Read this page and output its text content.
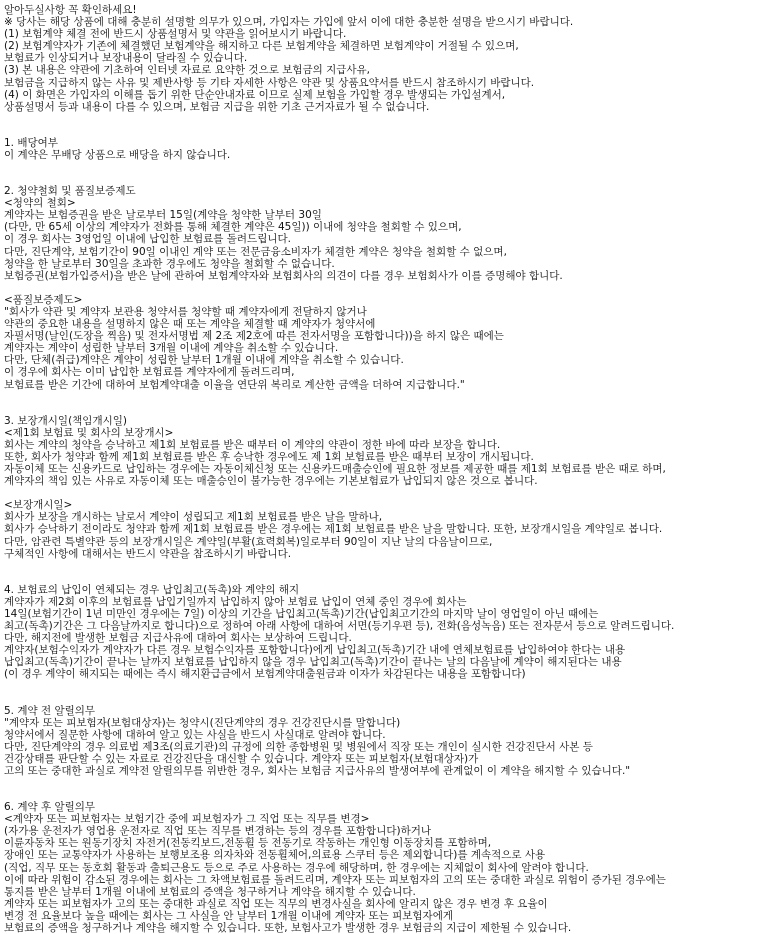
알아두실사항 꼭 확인하세요!
※ 당사는 해당 상품에 대해 충분히 설명할 의무가 있으며, 가입자는 가입에 앞서 이에 대한 충분한 설명을 받으시기 바랍니다.
(1) 보험계약 체결 전에 반드시 상품설명서 및 약관을 읽어보시기 바랍니다.
(2) 보험계약자가 기존에 체결했던 보험계약을 해지하고 다른 보험계약을 체결하면 보험계약이 거절될 수 있으며,
보험료가 인상되거나 보장내용이 달라질 수 있습니다.
(3) 본 내용은 약관에 기초하여 인터넷 자료로 요약한 것으로 보험금의 지급사유,
보험금을 지급하지 않는 사유 및 제반사항 등 기타 자세한 사항은 약관 및 상품요약서를 반드시 참조하시기 바랍니다.
(4) 이 화면은 가입자의 이해를 돕기 위한 단순안내자료 이므로 실제 보험을 가입할 경우 발생되는 가입설계서,
상품설명서 등과 내용이 다를 수 있으며, 보험금 지급을 위한 기초 근거자료가 될 수 없습니다.
1. 배당여부
이 계약은 무배당 상품으로 배당을 하지 않습니다.
2. 청약철회 및 품질보증제도
<청약의 철회>
계약자는 보험증권을 받은 날로부터 15일(계약을 청약한 날부터 30일
(다만, 만 65세 이상의 계약자가 전화를 통해 체결한 계약은 45일)) 이내에 청약을 철회할 수 있으며,
이 경우 회사는 3영업일 이내에 납입한 보험료를 돌려드립니다.
다만, 진단계약, 보험기간이 90일 이내인 계약 또는 전문금융소비자가 체결한 계약은 청약을 철회할 수 없으며,
청약을 한 날로부터 30일을 초과한 경우에도 청약을 철회할 수 없습니다.
보험증권(보험가입증서)을 받은 날에 관하여 보험계약자와 보험회사의 의견이 다를 경우 보험회사가 이를 증명해야 합니다.
<품질보증제도>
"회사가 약관 및 계약자 보관용 청약서를 청약할 때 계약자에게 전달하지 않거나
약관의 중요한 내용을 설명하지 않은 때 또는 계약을 체결할 때 계약자가 청약서에
자필서명(날인(도장을 찍음) 및 전자서명법 제 2조 제2호에 따른 전자서명을 포함합니다))을 하지 않은 때에는
계약자는 계약이 성립한 날부터 3개월 이내에 계약을 취소할 수 있습니다.
다만, 단체(취급)계약은 계약이 성립한 날부터 1개월 이내에 계약을 취소할 수 있습니다.
이 경우에 회사는 이미 납입한 보험료를 계약자에게 돌려드리며,
보험료를 받은 기간에 대하여 보험계약대출 이율을 연단위 복리로 계산한 금액을 더하여 지급합니다."
3. 보장개시일(책임개시일)
<제1회 보험료 및 회사의 보장개시>
회사는 계약의 청약을 승낙하고 제1회 보험료를 받은 때부터 이 계약의 약관이 정한 바에 따라 보장을 합니다.
또한, 회사가 청약과 함께 제1회 보험료를 받은 후 승낙한 경우에도 제 1회 보험료를 받은 때부터 보장이 개시됩니다.
자동이체 또는 신용카드로 납입하는 경우에는 자동이체신청 또는 신용카드매출승인에 필요한 정보를 제공한 때를 제1회 보험료를 받은 때로 하며,
계약자의 책임 있는 사유로 자동이체 또는 매출승인이 불가능한 경우에는 기본보험료가 납입되지 않은 것으로 봅니다.
<보장개시일>
회사가 보장을 개시하는 날로서 계약이 성립되고 제1회 보험료를 받은 날을 말하나,
회사가 승낙하기 전이라도 청약과 함께 제1회 보험료를 받은 경우에는 제1회 보험료를 받은 날을 말합니다. 또한, 보장개시일을 계약일로 봅니다.
다만, 암관련 특별약관 등의 보장개시일은 계약일(부활(효력회복)일로부터 90일이 지난 날의 다음날이므로,
구체적인 사항에 대해서는 반드시 약관을 참조하시기 바랍니다.
4. 보험료의 납입이 연체되는 경우 납입최고(독촉)와 계약의 해지
계약자가 제2회 이후의 보험료를 납입기일까지 납입하지 않아 보험료 납입이 연체 중인 경우에 회사는
14일(보험기간이 1년 미만인 경우에는 7일) 이상의 기간을 납입최고(독촉)기간(납입최고기간의 마지막 날이 영업일이 아닌 때에는
최고(독촉)기간은 그 다음날까지로 합니다)으로 정하여 아래 사항에 대하여 서면(등기우편 등), 전화(음성녹음) 또는 전자문서 등으로 알려드립니다.
다만, 해지전에 발생한 보험금 지급사유에 대하여 회사는 보상하여 드립니다.
계약자(보험수익자가 계약자가 다른 경우 보험수익자를 포함합니다)에게 납입최고(독촉)기간 내에 연체보험료를 납입하여야 한다는 내용
납입최고(독촉)기간이 끝나는 날까지 보험료를 납입하지 않을 경우 납입최고(독촉)기간이 끝나는 날의 다음날에 계약이 해지된다는 내용
(이 경우 계약이 해지되는 때에는 즉시 해지환급금에서 보험계약대출원금과 이자가 차감된다는 내용을 포함합니다)
5. 계약 전 알릴의무
"계약자 또는 피보험자(보험대상자)는 청약시(진단계약의 경우 건강진단시를 말합니다)
청약서에서 질문한 사항에 대하여 알고 있는 사실을 반드시 사실대로 알려야 합니다.
다만, 진단계약의 경우 의료법 제3조(의료기관)의 규정에 의한 종합병원 및 병원에서 직장 또는 개인이 실시한 건강진단서 사본 등
건강상태를 판단할 수 있는 자료로 건강진단을 대신할 수 있습니다. 계약자 또는 피보험자(보험대상자)가
고의 또는 중대한 과실로 계약전 알릴의무를 위반한 경우, 회사는 보험금 지급사유의 발생여부에 관계없이 이 계약을 해지할 수 있습니다."
6. 계약 후 알릴의무
<계약자 또는 피보험자는 보험기간 중에 피보험자가 그 직업 또는 직무를 변경>
(자가용 운전자가 영업용 운전자로 직업 또는 직무를 변경하는 등의 경우를 포함합니다)하거나
이륜자동차 또는 원동기장치 자전거(전동킥보드,전동휠 등 전동기로 작동하는 개인형 이동장치를 포함하며,
장애인 또는 교통약자가 사용하는 보행보조용 의자차와 전동휠체어,의료용 스쿠터 등은 제외합니다)를 계속적으로 사용
(직업, 직무 또는 동호회 활동과 출퇴근용도 등으로 주로 사용하는 경우에 해당하며, 한 경우에는 지체없이 회사에 알려야 합니다.
이에 따라 위험이 감소된 경우에는 회사는 그 차액보험료를 돌려드리며, 계약자 또는 피보험자의 고의 또는 중대한 과실로 위험이 증가된 경우에는
통지를 받은 날부터 1개월 이내에 보험료의 증액을 청구하거나 계약을 해지할 수 있습니다.
계약자 또는 피보험자가 고의 또는 중대한 과실로 직업 또는 직무의 변경사실을 회사에 알리지 않은 경우 변경 후 요율이
변경 전 요율보다 높을 때에는 회사는 그 사실을 안 날부터 1개월 이내에 계약자 또는 피보험자에게
보험료의 증액을 청구하거나 계약을 해지할 수 있습니다. 또한, 보험사고가 발생한 경우 보험금의 지급이 제한될 수 있습니다.
